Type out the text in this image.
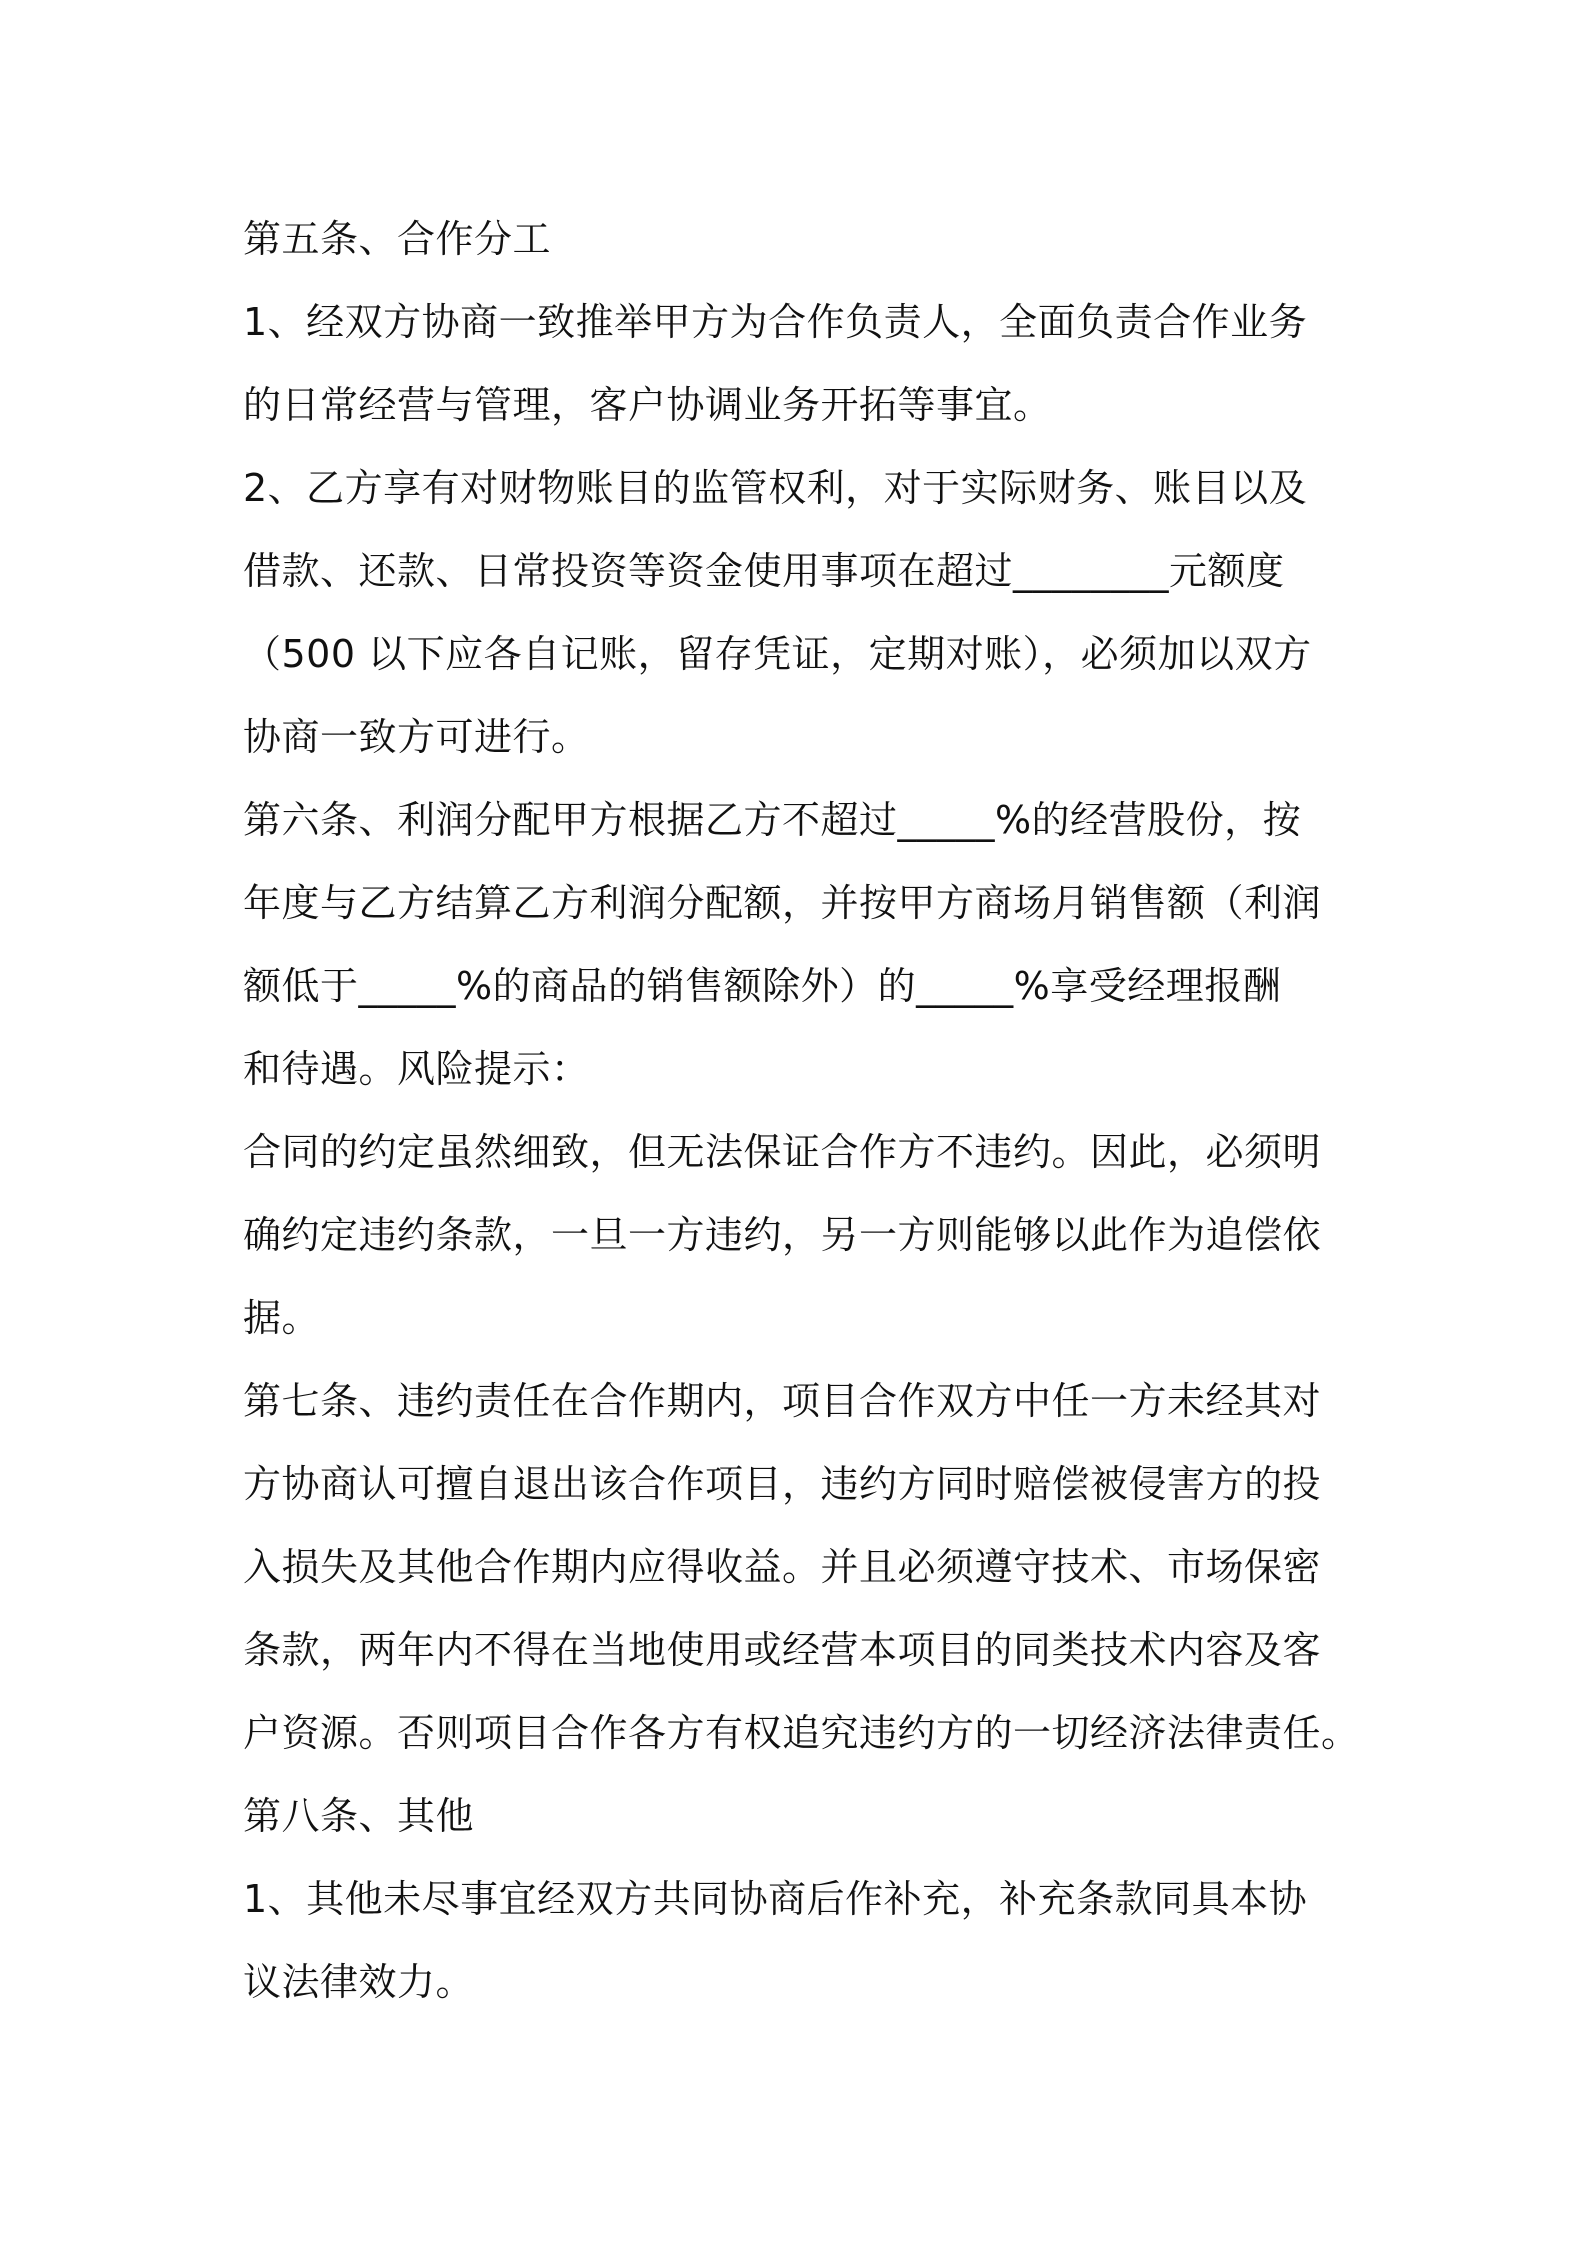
第五条、合作分工
1、经双方协商一致推举甲方为合作负责人，全面负责合作业务
的日常经营与管理，客户协调业务开拓等事宜。
2、乙方享有对财物账目的监管权利，对于实际财务、账目以及
借款、还款、日常投资等资金使用事项在超过________元额度
（500 以下应各自记账，留存凭证，定期对账），必须加以双方
协商一致方可进行。
第六条、利润分配甲方根据乙方不超过_____%的经营股份，按
年度与乙方结算乙方利润分配额，并按甲方商场月销售额（利润
额低于_____%的商品的销售额除外）的_____%享受经理报酬
和待遇。风险提示：
合同的约定虽然细致，但无法保证合作方不违约。因此，必须明
确约定违约条款，一旦一方违约，另一方则能够以此作为追偿依
据。
第七条、违约责任在合作期内，项目合作双方中任一方未经其对
方协商认可擅自退出该合作项目，违约方同时赔偿被侵害方的投
入损失及其他合作期内应得收益。并且必须遵守技术、市场保密
条款，两年内不得在当地使用或经营本项目的同类技术内容及客
户资源。否则项目合作各方有权追究违约方的一切经济法律责任。
第八条、其他
1、其他未尽事宜经双方共同协商后作补充，补充条款同具本协
议法律效力。
